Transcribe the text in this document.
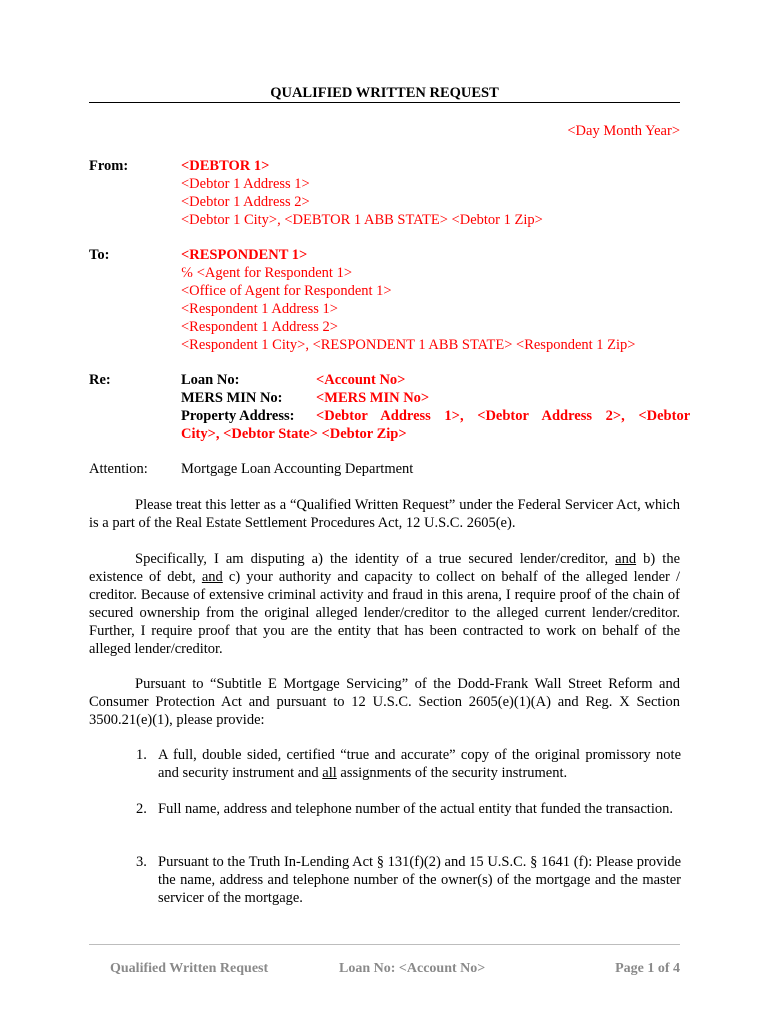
QUALIFIED WRITTEN REQUEST
<Day Month Year>
From:	<DEBTOR 1>
<Debtor 1 Address 1>
<Debtor 1 Address 2>
<Debtor 1 City>, <DEBTOR 1 ABB STATE> <Debtor 1 Zip>
To:	<RESPONDENT 1>
℅ <Agent for Respondent 1>
<Office of Agent for Respondent 1>
<Respondent 1 Address 1>
<Respondent 1 Address 2>
<Respondent 1 City>, <RESPONDENT 1 ABB STATE> <Respondent 1 Zip>
Re:	Loan No:	<Account No>
MERS MIN No:	<MERS MIN No>
Property Address:	<Debtor Address 1>, <Debtor Address 2>, <Debtor
City>, <Debtor State> <Debtor Zip>
Attention: Mortgage Loan Accounting Department
Please treat this letter as a “Qualified Written Request” under the Federal Servicer Act, which is a part of the Real Estate Settlement Procedures Act, 12 U.S.C. 2605(e).
Specifically, I am disputing a) the identity of a true secured lender/creditor, and b) the existence of debt, and c) your authority and capacity to collect on behalf of the alleged lender / creditor. Because of extensive criminal activity and fraud in this arena, I require proof of the chain of secured ownership from the original alleged lender/creditor to the alleged current lender/creditor. Further, I require proof that you are the entity that has been contracted to work on behalf of the alleged lender/creditor.
Pursuant to “Subtitle E Mortgage Servicing” of the Dodd-Frank Wall Street Reform and Consumer Protection Act and pursuant to 12 U.S.C. Section 2605(e)(1)(A) and Reg. X Section 3500.21(e)(1), please provide:
1. A full, double sided, certified “true and accurate” copy of the original promissory note and security instrument and all assignments of the security instrument.
2. Full name, address and telephone number of the actual entity that funded the transaction.
3. Pursuant to the Truth In-Lending Act § 131(f)(2) and 15 U.S.C. § 1641 (f): Please provide the name, address and telephone number of the owner(s) of the mortgage and the master servicer of the mortgage.
Qualified Written Request	Loan No: <Account No>	Page 1 of 4
